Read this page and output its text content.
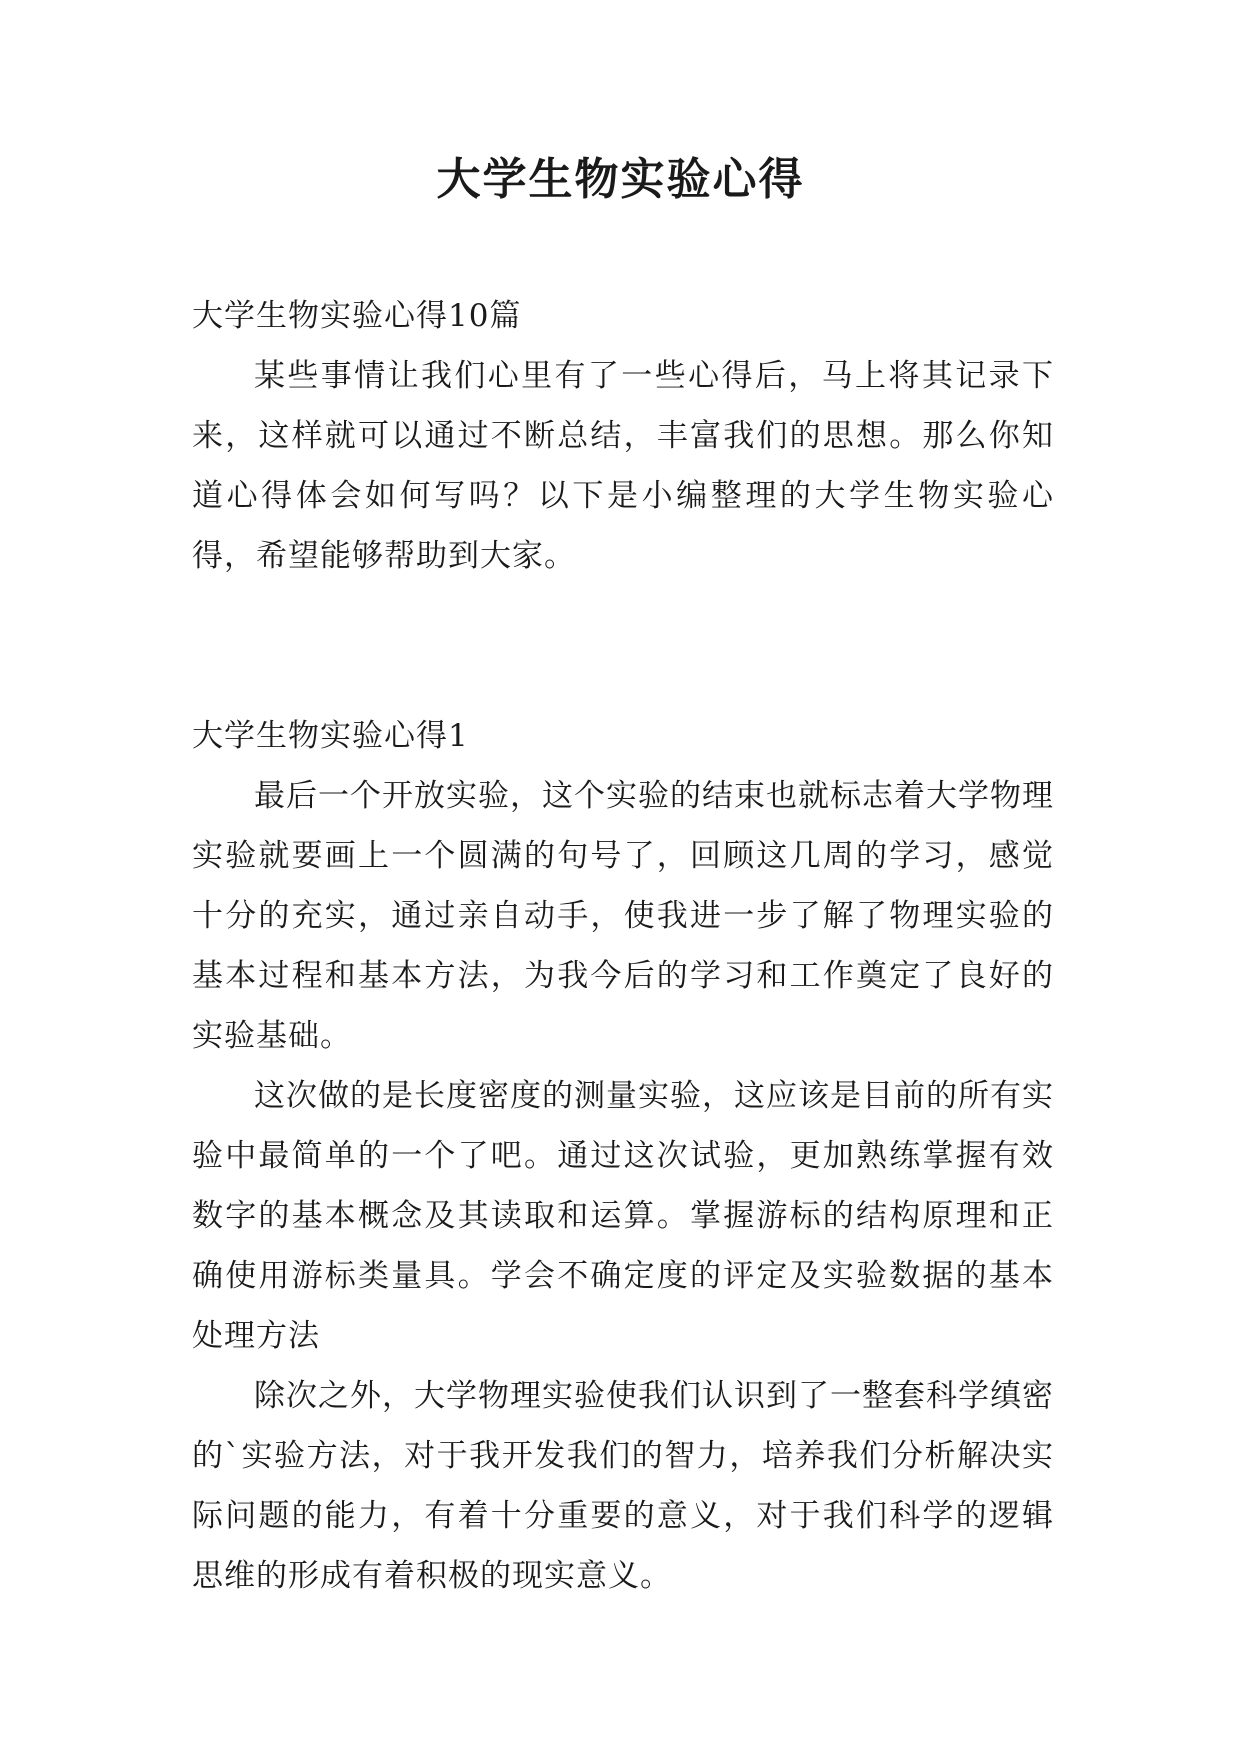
大学生物实验心得

大学生物实验心得10篇

某些事情让我们心里有了一些心得后，马上将其记录下来，这样就可以通过不断总结，丰富我们的思想。那么你知道心得体会如何写吗？以下是小编整理的大学生物实验心得，希望能够帮助到大家。

大学生物实验心得1

最后一个开放实验，这个实验的结束也就标志着大学物理实验就要画上一个圆满的句号了，回顾这几周的学习，感觉十分的充实，通过亲自动手，使我进一步了解了物理实验的基本过程和基本方法，为我今后的学习和工作奠定了良好的实验基础。

这次做的是长度密度的测量实验，这应该是目前的所有实验中最简单的一个了吧。通过这次试验，更加熟练掌握有效数字的基本概念及其读取和运算。掌握游标的结构原理和正确使用游标类量具。学会不确定度的评定及实验数据的基本处理方法

除次之外，大学物理实验使我们认识到了一整套科学缜密的`实验方法，对于我开发我们的智力，培养我们分析解决实际问题的能力，有着十分重要的意义，对于我们科学的逻辑思维的形成有着积极的现实意义。
